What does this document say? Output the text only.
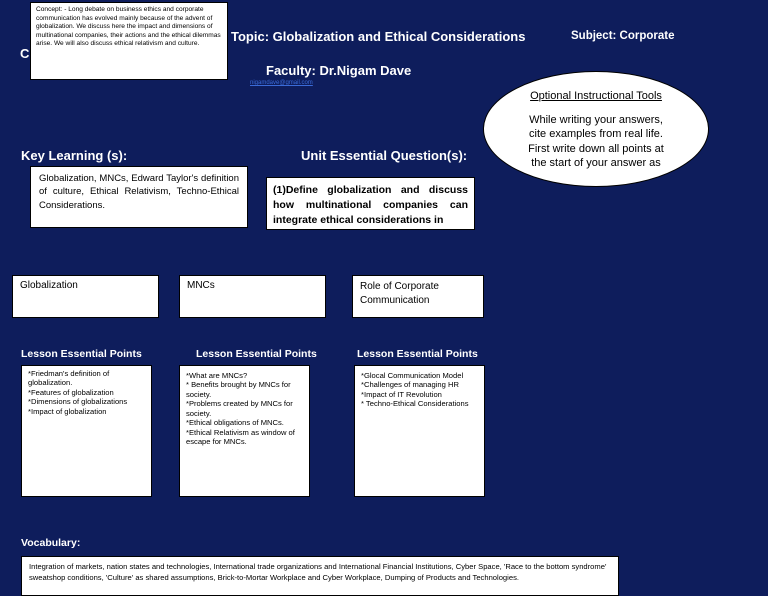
C
Concept: - Long debate on business ethics and corporate communication has evolved mainly because of the advent of globalization. We discuss here the impact and dimensions of multinational companies, their actions and the ethical dilemmas arise. We will also discuss ethical relativism and culture.	Topic: Globalization and Ethical Considerations	Subject: Corporate
Faculty: Dr.Nigam Dave
nigamdave@gmail.com
Optional Instructional Tools
While writing your answers, cite examples from real life. First write down all points at the start of your answer as
Key Learning (s):
Globalization, MNCs, Edward Taylor's definition of culture, Ethical Relativism, Techno-Ethical Considerations.
Unit Essential Question(s):
(1)Define globalization and discuss how multinational companies can integrate ethical considerations in
Globalization	MNCs	Role of Corporate Communication
Lesson Essential Points	Lesson Essential Points	Lesson Essential Points
*Friedman's definition of globalization.
*Features of globalization
*Dimensions of globalizations
*Impact of globalization
*What are MNCs?
* Benefits brought by MNCs for society.
*Problems created by MNCs for society.
*Ethical obligations of MNCs.
*Ethical Relativism as window of escape for MNCs.
*Glocal Communication Model
*Challenges of managing HR
*Impact of IT Revolution
* Techno-Ethical Considerations
Vocabulary:
Integration of markets, nation states and technologies, International trade organizations and International Financial Institutions, Cyber Space, 'Race to the bottom syndrome' sweatshop conditions, 'Culture' as shared assumptions, Brick-to-Mortar Workplace and Cyber Workplace, Dumping of Products and Technologies.
